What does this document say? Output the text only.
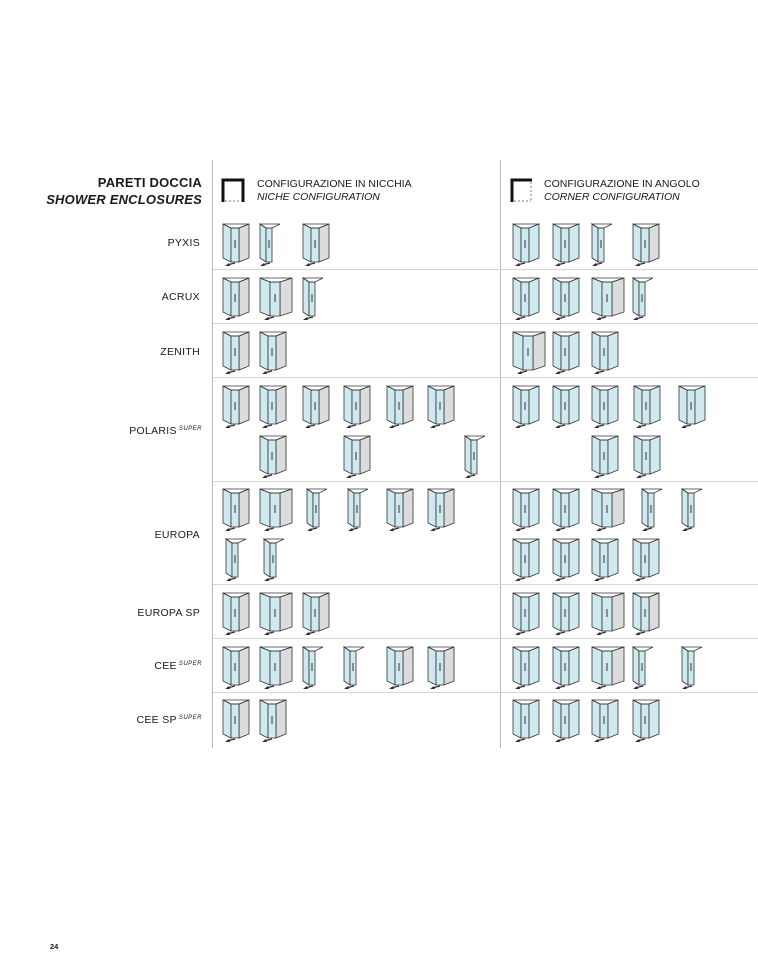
PARETI DOCCIA
SHOWER ENCLOSURES
CONFIGURAZIONE IN NICCHIA
NICHE CONFIGURATION
CONFIGURAZIONE IN ANGOLO
CORNER CONFIGURATION
PYXIS
ACRUX
ZENITH
POLARIS $^{SUPER}$
EUROPA
EUROPA SP
CEE $^{SUPER}$
CEE SP $^{SUPER}$
24
